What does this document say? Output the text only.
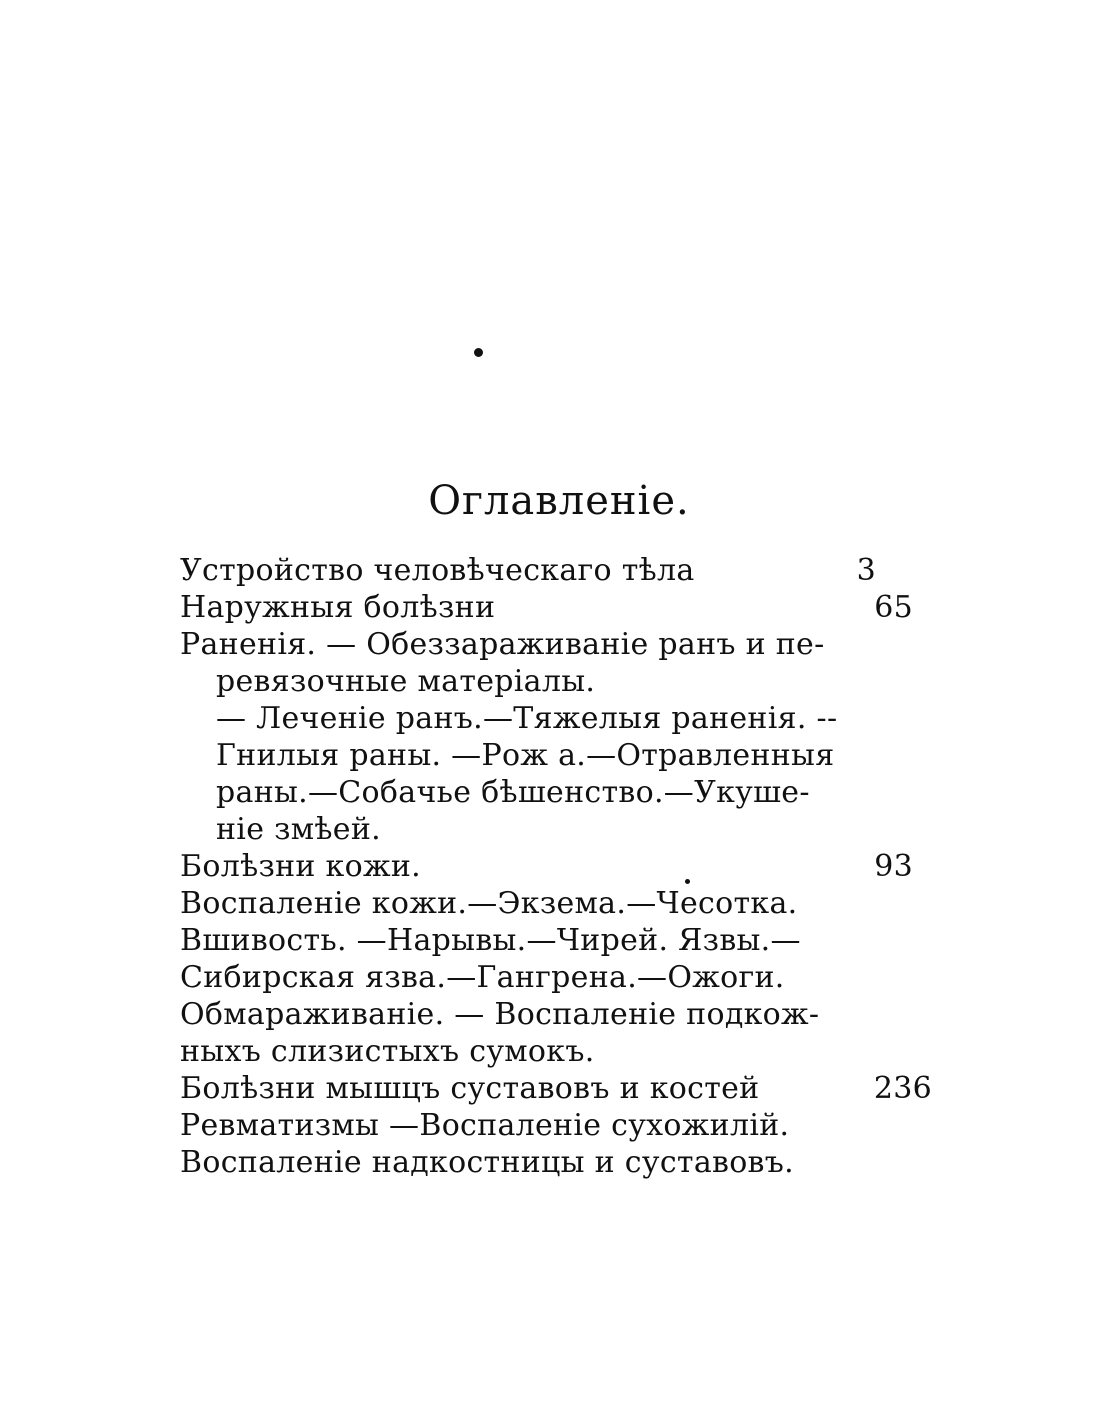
Оглавленіе.
Устройство человѣческаго тѣла	3
Наружныя болѣзни	65
Раненія. — Обеззараживаніе ранъ и пе-
ревязочные матеріалы.
— Леченіе ранъ.—Тяжелыя раненія. --
Гнилыя раны. —Рож а.—Отравленныя
раны.—Собачье бѣшенство.—Укуше-
ніе змѣей.
Болѣзни кожи.	93
Воспаленіе кожи.—Экзема.—Чесотка.
Вшивость. —Нарывы.—Чирей. Язвы.—
Сибирская язва.—Гангрена.—Ожоги.
Обмараживаніе. — Воспаленіе подкож-
ныхъ слизистыхъ сумокъ.
Болѣзни мышцъ суставовъ и костей	236
Ревматизмы —Воспаленіе сухожилій.
Воспаленіе надкостницы и суставовъ.
